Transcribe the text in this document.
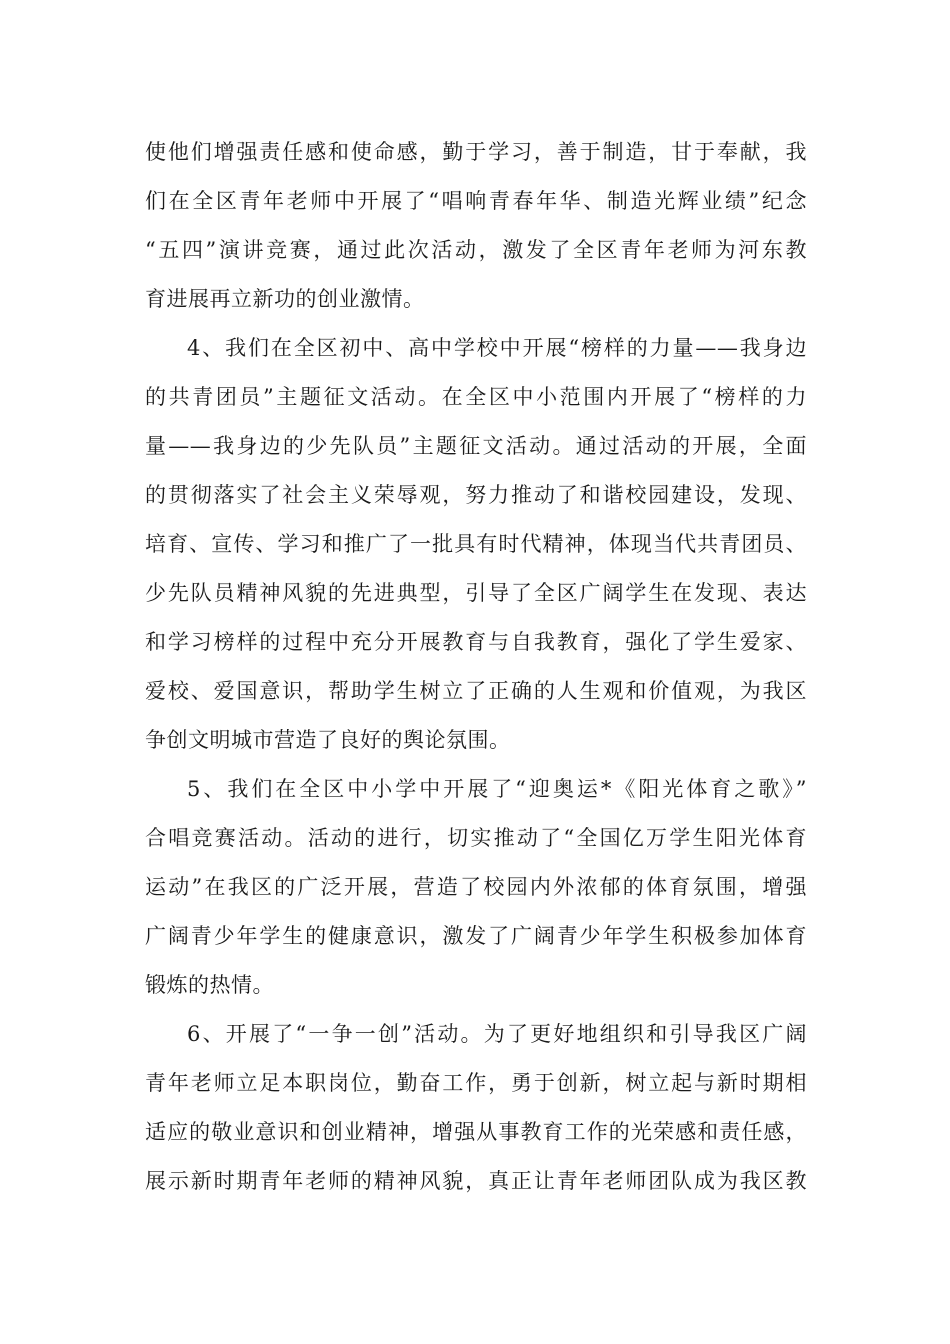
使他们增强责任感和使命感，勤于学习，善于制造，甘于奉献，我
们在全区青年老师中开展了“唱响青春年华、制造光辉业绩”纪念
“五四”演讲竞赛，通过此次活动，激发了全区青年老师为河东教
育进展再立新功的创业激情。
4、我们在全区初中、高中学校中开展“榜样的力量——我身边
的共青团员”主题征文活动。在全区中小范围内开展了“榜样的力
量——我身边的少先队员”主题征文活动。通过活动的开展，全面
的贯彻落实了社会主义荣辱观，努力推动了和谐校园建设，发现、
培育、宣传、学习和推广了一批具有时代精神，体现当代共青团员、
少先队员精神风貌的先进典型，引导了全区广阔学生在发现、表达
和学习榜样的过程中充分开展教育与自我教育，强化了学生爱家、
爱校、爱国意识，帮助学生树立了正确的人生观和价值观，为我区
争创文明城市营造了良好的舆论氛围。
5、我们在全区中小学中开展了“迎奥运*《阳光体育之歌》”
合唱竞赛活动。活动的进行，切实推动了“全国亿万学生阳光体育
运动”在我区的广泛开展，营造了校园内外浓郁的体育氛围，增强
广阔青少年学生的健康意识，激发了广阔青少年学生积极参加体育
锻炼的热情。
6、开展了“一争一创”活动。为了更好地组织和引导我区广阔
青年老师立足本职岗位，勤奋工作，勇于创新，树立起与新时期相
适应的敬业意识和创业精神，增强从事教育工作的光荣感和责任感，
展示新时期青年老师的精神风貌，真正让青年老师团队成为我区教
